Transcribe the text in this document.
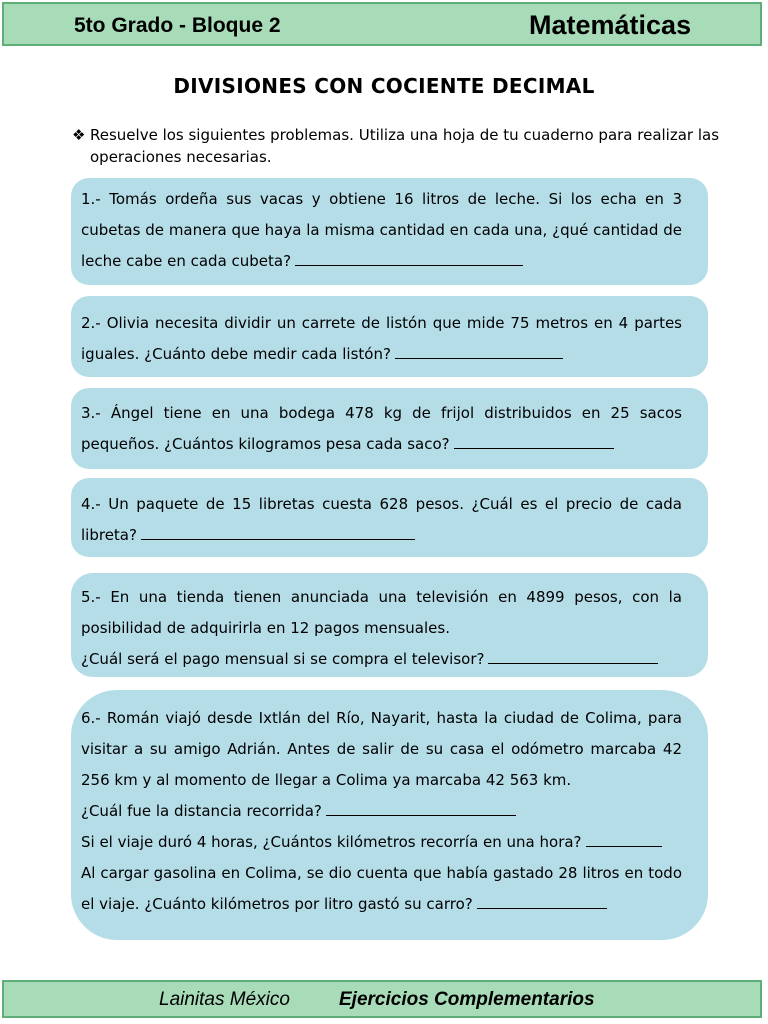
5to Grado - Bloque 2	Matemáticas
DIVISIONES CON COCIENTE DECIMAL
❖ Resuelve los siguientes problemas. Utiliza una hoja de tu cuaderno para realizar las operaciones necesarias.

1.- Tomás ordeña sus vacas y obtiene 16 litros de leche. Si los echa en 3 cubetas de manera que haya la misma cantidad en cada una, ¿qué cantidad de leche cabe en cada cubeta?

2.- Olivia necesita dividir un carrete de listón que mide 75 metros en 4 partes iguales. ¿Cuánto debe medir cada listón?

3.- Ángel tiene en una bodega 478 kg de frijol distribuidos en 25 sacos pequeños. ¿Cuántos kilogramos pesa cada saco?

4.- Un paquete de 15 libretas cuesta 628 pesos. ¿Cuál es el precio de cada libreta?

5.- En una tienda tienen anunciada una televisión en 4899 pesos, con la posibilidad de adquirirla en 12 pagos mensuales.

¿Cuál será el pago mensual si se compra el televisor?

6.- Román viajó desde Ixtlán del Río, Nayarit, hasta la ciudad de Colima, para visitar a su amigo Adrián. Antes de salir de su casa el odómetro marcaba 42 256 km y al momento de llegar a Colima ya marcaba 42 563 km.

¿Cuál fue la distancia recorrida?

Si el viaje duró 4 horas, ¿Cuántos kilómetros recorría en una hora?

Al cargar gasolina en Colima, se dio cuenta que había gastado 28 litros en todo el viaje. ¿Cuánto kilómetros por litro gastó su carro?

Lainitas México	Ejercicios Complementarios
